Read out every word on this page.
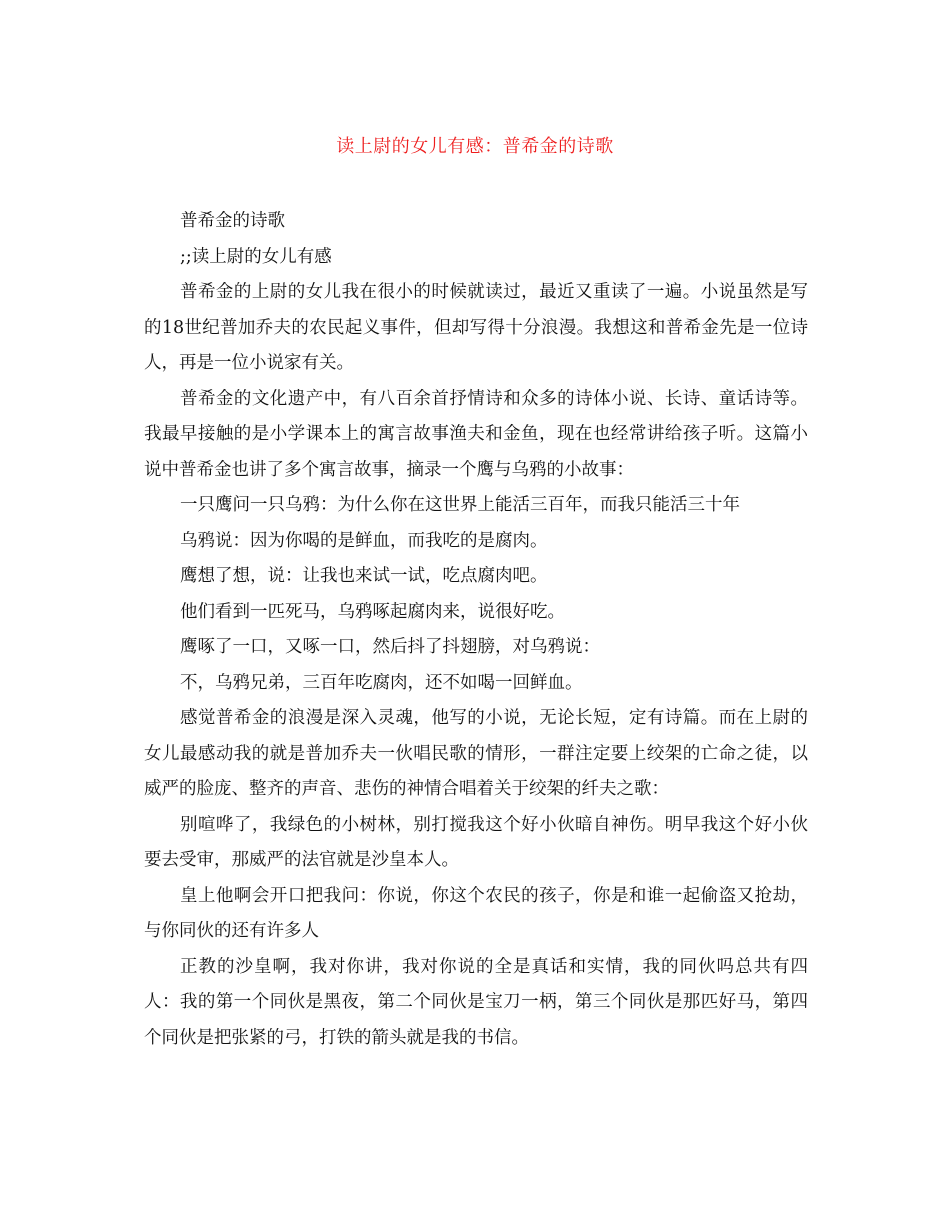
读上尉的女儿有感：普希金的诗歌

普希金的诗歌

;;读上尉的女儿有感

普希金的上尉的女儿我在很小的时候就读过，最近又重读了一遍。小说虽然是写的18世纪普加乔夫的农民起义事件，但却写得十分浪漫。我想这和普希金先是一位诗人，再是一位小说家有关。

普希金的文化遗产中，有八百余首抒情诗和众多的诗体小说、长诗、童话诗等。我最早接触的是小学课本上的寓言故事渔夫和金鱼，现在也经常讲给孩子听。这篇小说中普希金也讲了多个寓言故事，摘录一个鹰与乌鸦的小故事：

一只鹰问一只乌鸦：为什么你在这世界上能活三百年，而我只能活三十年

乌鸦说：因为你喝的是鲜血，而我吃的是腐肉。

鹰想了想，说：让我也来试一试，吃点腐肉吧。

他们看到一匹死马，乌鸦啄起腐肉来，说很好吃。

鹰啄了一口，又啄一口，然后抖了抖翅膀，对乌鸦说：

不，乌鸦兄弟，三百年吃腐肉，还不如喝一回鲜血。

感觉普希金的浪漫是深入灵魂，他写的小说，无论长短，定有诗篇。而在上尉的女儿最感动我的就是普加乔夫一伙唱民歌的情形，一群注定要上绞架的亡命之徒，以威严的脸庞、整齐的声音、悲伤的神情合唱着关于绞架的纤夫之歌：

别喧哗了，我绿色的小树林，别打搅我这个好小伙暗自神伤。明早我这个好小伙要去受审，那威严的法官就是沙皇本人。

皇上他啊会开口把我问：你说，你这个农民的孩子，你是和谁一起偷盗又抢劫，与你同伙的还有许多人

正教的沙皇啊，我对你讲，我对你说的全是真话和实情，我的同伙吗总共有四人：我的第一个同伙是黑夜，第二个同伙是宝刀一柄，第三个同伙是那匹好马，第四个同伙是把张紧的弓，打铁的箭头就是我的书信。
